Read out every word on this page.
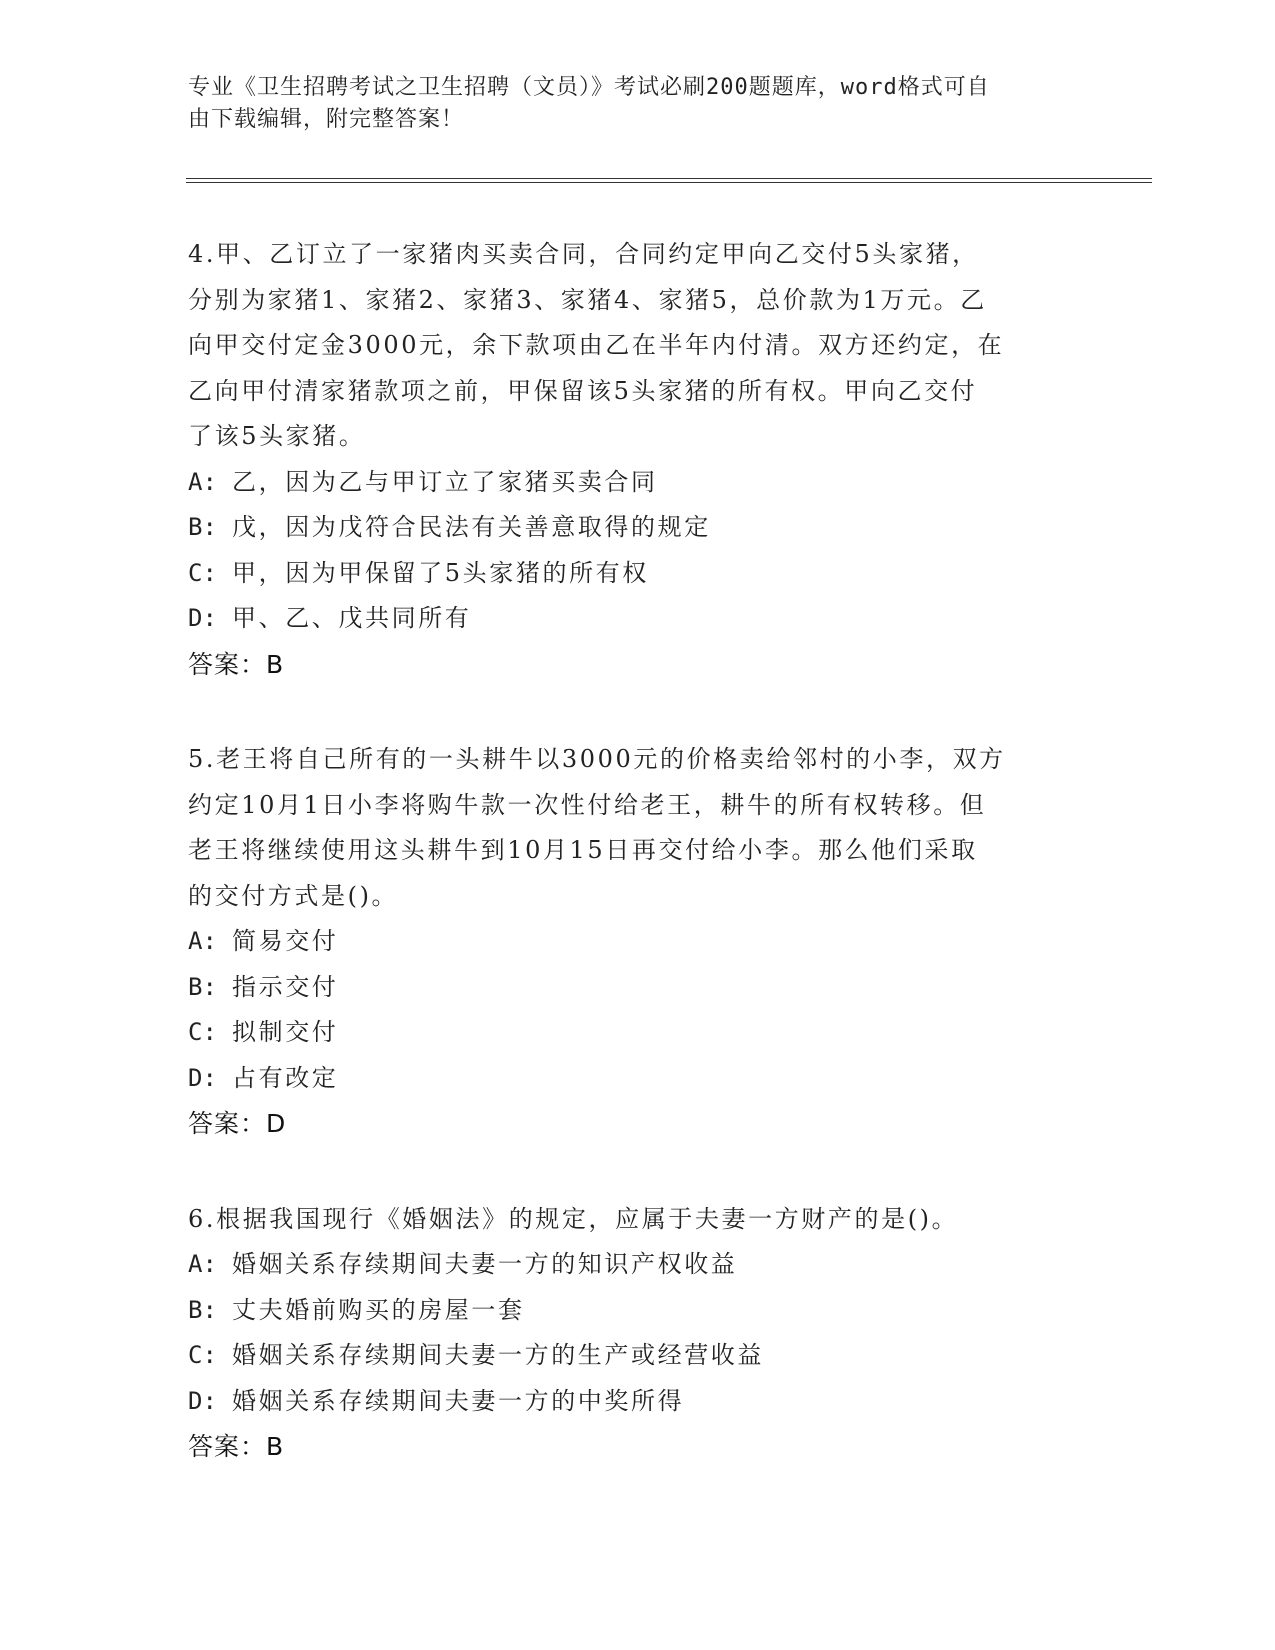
专业《卫生招聘考试之卫生招聘（文员）》考试必刷200题题库，word格式可自
由下载编辑，附完整答案！
4.甲、乙订立了一家猪肉买卖合同，合同约定甲向乙交付5头家猪，
分别为家猪1、家猪2、家猪3、家猪4、家猪5，总价款为1万元。乙
向甲交付定金3000元，余下款项由乙在半年内付清。双方还约定，在
乙向甲付清家猪款项之前，甲保留该5头家猪的所有权。甲向乙交付
了该5头家猪。
A: 乙，因为乙与甲订立了家猪买卖合同
B: 戊，因为戊符合民法有关善意取得的规定
C: 甲，因为甲保留了5头家猪的所有权
D: 甲、乙、戊共同所有
答案：B
5.老王将自己所有的一头耕牛以3000元的价格卖给邻村的小李，双方
约定10月1日小李将购牛款一次性付给老王，耕牛的所有权转移。但
老王将继续使用这头耕牛到10月15日再交付给小李。那么他们采取
的交付方式是()。
A: 简易交付
B: 指示交付
C: 拟制交付
D: 占有改定
答案：D
6.根据我国现行《婚姻法》的规定，应属于夫妻一方财产的是()。
A: 婚姻关系存续期间夫妻一方的知识产权收益
B: 丈夫婚前购买的房屋一套
C: 婚姻关系存续期间夫妻一方的生产或经营收益
D: 婚姻关系存续期间夫妻一方的中奖所得
答案：B
